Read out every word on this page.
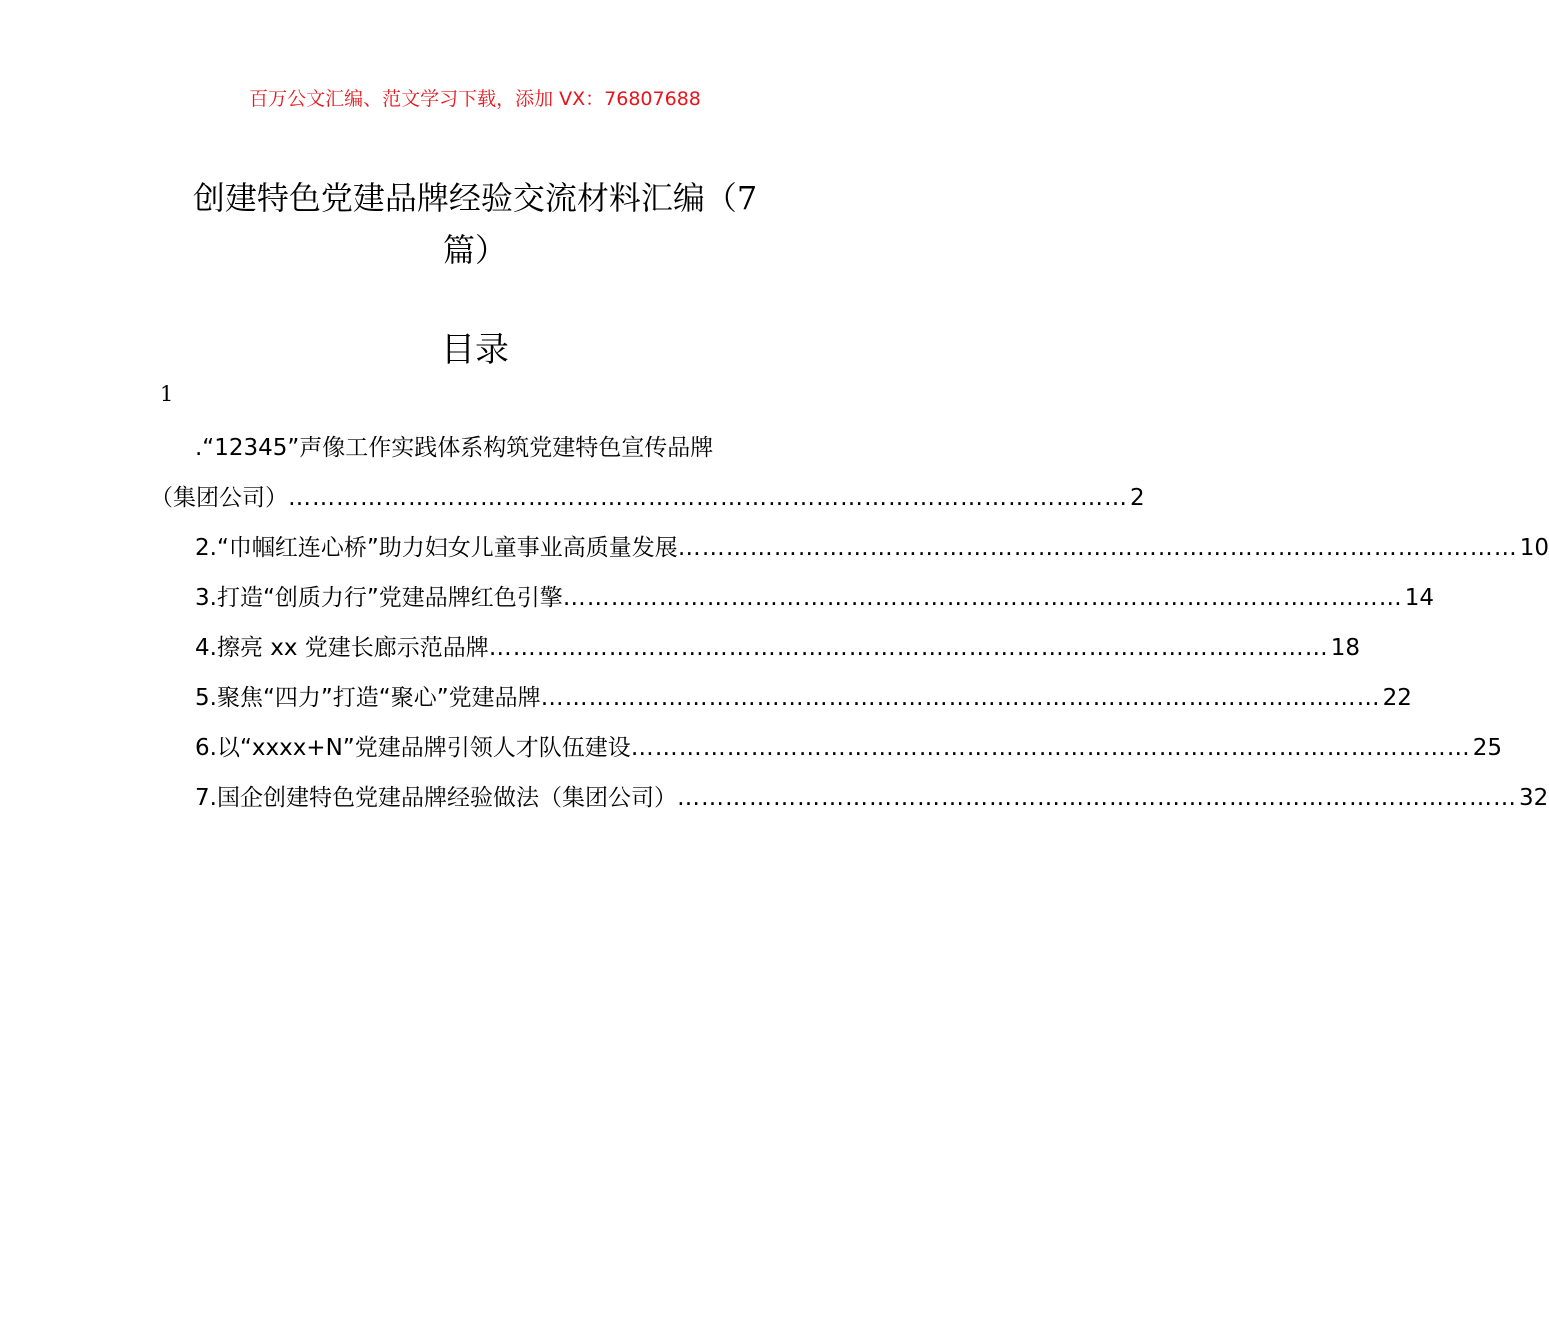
百万公文汇编、范文学习下载，添加 VX：76807688
创建特色党建品牌经验交流材料汇编（7
篇）
目录
1
.“12345”声像工作实践体系构筑党建特色宣传品牌
（集团公司） …………………………………………………………………………………………… 2
2.“巾帼红连心桥”助力妇女儿童事业高质量发展 …………………………………………………………………………………………… 10
3.打造“创质力行”党建品牌红色引擎 …………………………………………………………………………………………… 14
4.擦亮 xx 党建长廊示范品牌 …………………………………………………………………………………………… 18
5.聚焦“四力”打造“聚心”党建品牌 …………………………………………………………………………………………… 22
6.以“xxxx+N”党建品牌引领人才队伍建设 …………………………………………………………………………………………… 25
7.国企创建特色党建品牌经验做法（集团公司） …………………………………………………………………………………………… 32
